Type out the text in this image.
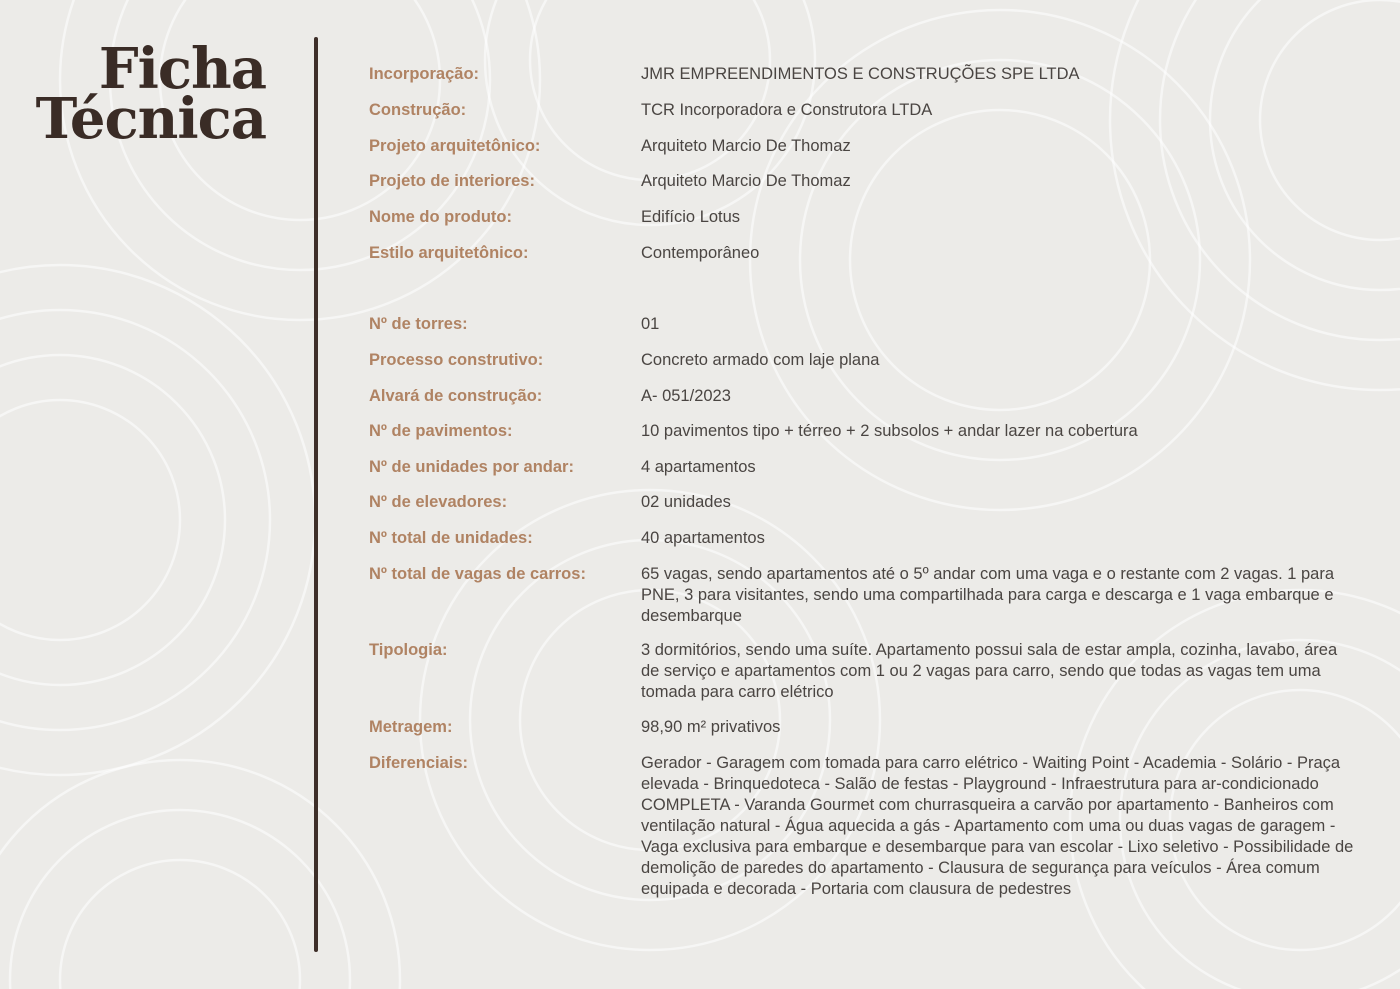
Ficha
Técnica
Incorporação:	JMR EMPREENDIMENTOS E CONSTRUÇÕES SPE LTDA
Construção:	TCR Incorporadora e Construtora LTDA
Projeto arquitetônico:	Arquiteto Marcio De Thomaz
Projeto de interiores:	Arquiteto Marcio De Thomaz
Nome do produto:	Edifício Lotus
Estilo arquitetônico:	Contemporâneo
Nº de torres:	01
Processo construtivo:	Concreto armado com laje plana
Alvará de construção:	A- 051/2023
Nº de pavimentos:	10 pavimentos tipo + térreo + 2 subsolos + andar lazer na cobertura
Nº de unidades por andar:	4 apartamentos
Nº de elevadores:	02 unidades
Nº total de unidades:	40 apartamentos
Nº total de vagas de carros:	65 vagas, sendo apartamentos até o 5º andar com uma vaga e o restante com 2 vagas. 1 para PNE, 3 para visitantes, sendo uma compartilhada para carga e descarga e 1 vaga embarque e desembarque
Tipologia:	3 dormitórios, sendo uma suíte. Apartamento possui sala de estar ampla, cozinha, lavabo, área de serviço e apartamentos com 1 ou 2 vagas para carro, sendo que todas as vagas tem uma tomada para carro elétrico
Metragem:	98,90 m² privativos
Diferenciais:	Gerador - Garagem com tomada para carro elétrico - Waiting Point - Academia - Solário - Praça elevada - Brinquedoteca - Salão de festas - Playground - Infraestrutura para ar-condicionado COMPLETA - Varanda Gourmet com churrasqueira a carvão por apartamento - Banheiros com ventilação natural - Água aquecida a gás - Apartamento com uma ou duas vagas de garagem - Vaga exclusiva para embarque e desembarque para van escolar - Lixo seletivo - Possibilidade de demolição de paredes do apartamento - Clausura de segurança para veículos - Área comum equipada e decorada - Portaria com clausura de pedestres
